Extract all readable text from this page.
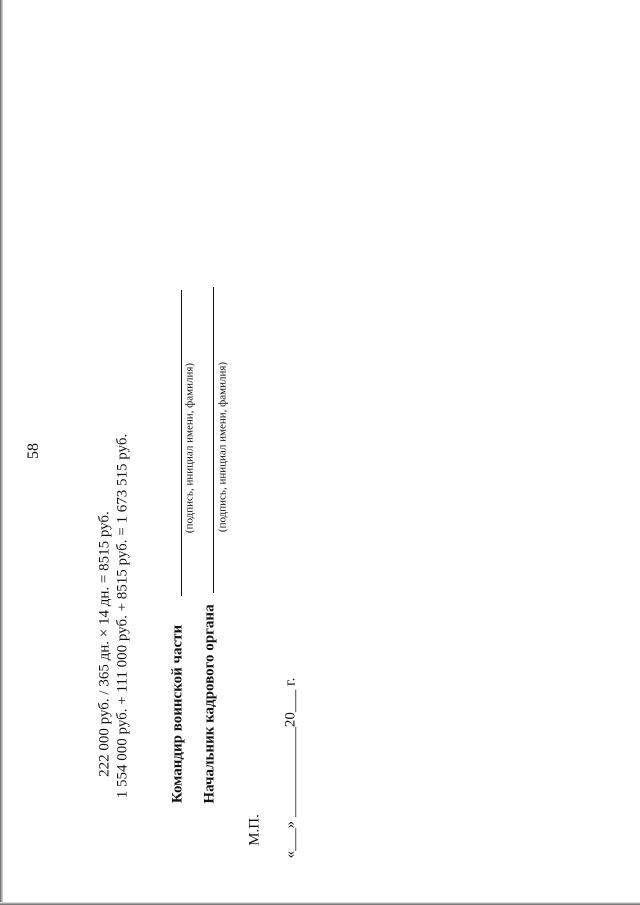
58
222 000 руб. / 365 дн. × 14 дн. = 8515 руб. 1 554 000 руб. + 111 000 руб. + 8515 руб. = 1 673 515 руб.	Командир воинской части
(подпись, инициал имени, фамилия)
Начальник кадрового органа
(подпись, инициал имени, фамилия)
М.П. «___» ____________20___ г.
